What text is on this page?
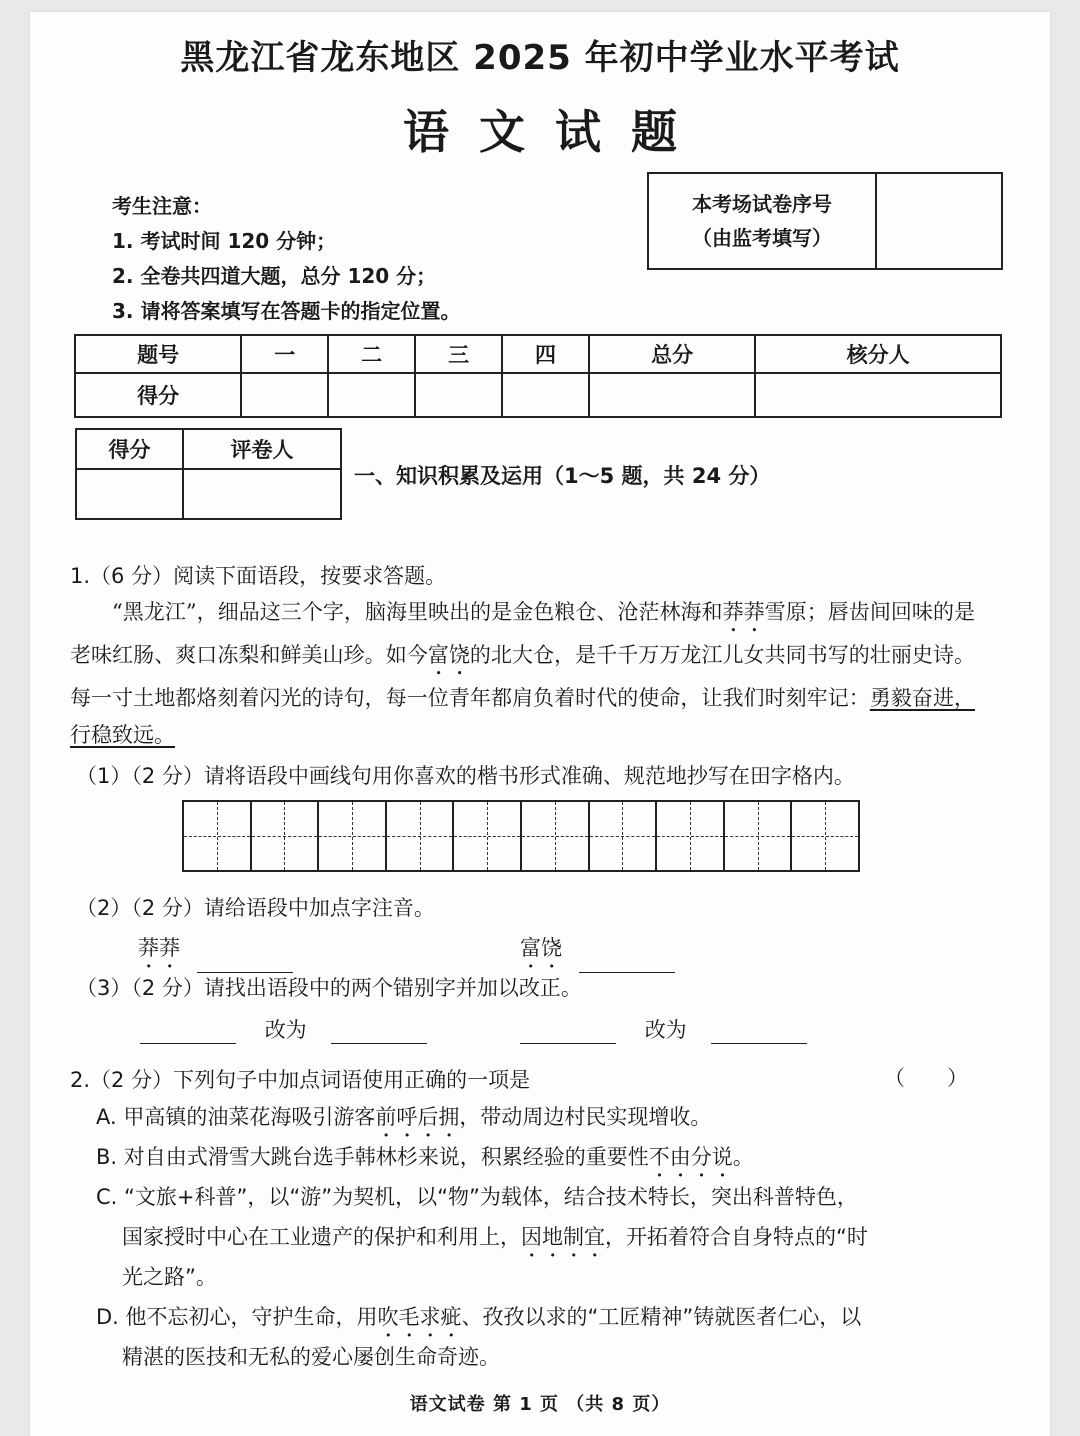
黑龙江省龙东地区 2025 年初中学业水平考试
语文试题
考生注意：
1. 考试时间 120 分钟；
2. 全卷共四道大题，总分 120 分；
3. 请将答案填写在答题卡的指定位置。
本考场试卷序号
（由监考填写）
题号	一	二	三	四	总分	核分人
得分						
得分	评卷人

一、知识积累及运用（1～5 题，共 24 分）
1.（6 分）阅读下面语段，按要求答题。
“黑龙江”，细品这三个字，脑海里映出的是金色粮仓、沧茫林海和莽莽雪原；唇齿间回味的是老味红肠、爽口冻梨和鲜美山珍。如今富饶的北大仓，是千千万万龙江儿女共同书写的壮丽史诗。每一寸土地都烙刻着闪光的诗句，每一位青年都肩负着时代的使命，让我们时刻牢记：勇毅奋进，行稳致远。
（1）（2 分）请将语段中画线句用你喜欢的楷书形式准确、规范地抄写在田字格内。
（2）（2 分）请给语段中加点字注音。
莽莽	富饶
（3）（2 分）请找出语段中的两个错别字并加以改正。
改为	改为
2.（2 分）下列句子中加点词语使用正确的一项是	（　　）
A. 甲高镇的油菜花海吸引游客前呼后拥，带动周边村民实现增收。
B. 对自由式滑雪大跳台选手韩林杉来说，积累经验的重要性不由分说。
C. “文旅+科普”，以“游”为契机，以“物”为载体，结合技术特长，突出科普特色，
国家授时中心在工业遗产的保护和利用上，因地制宜，开拓着符合自身特点的“时
光之路”。
D. 他不忘初心，守护生命，用吹毛求疵、孜孜以求的“工匠精神”铸就医者仁心，以
精湛的医技和无私的爱心屡创生命奇迹。
语文试卷 第 1 页 （共 8 页）
